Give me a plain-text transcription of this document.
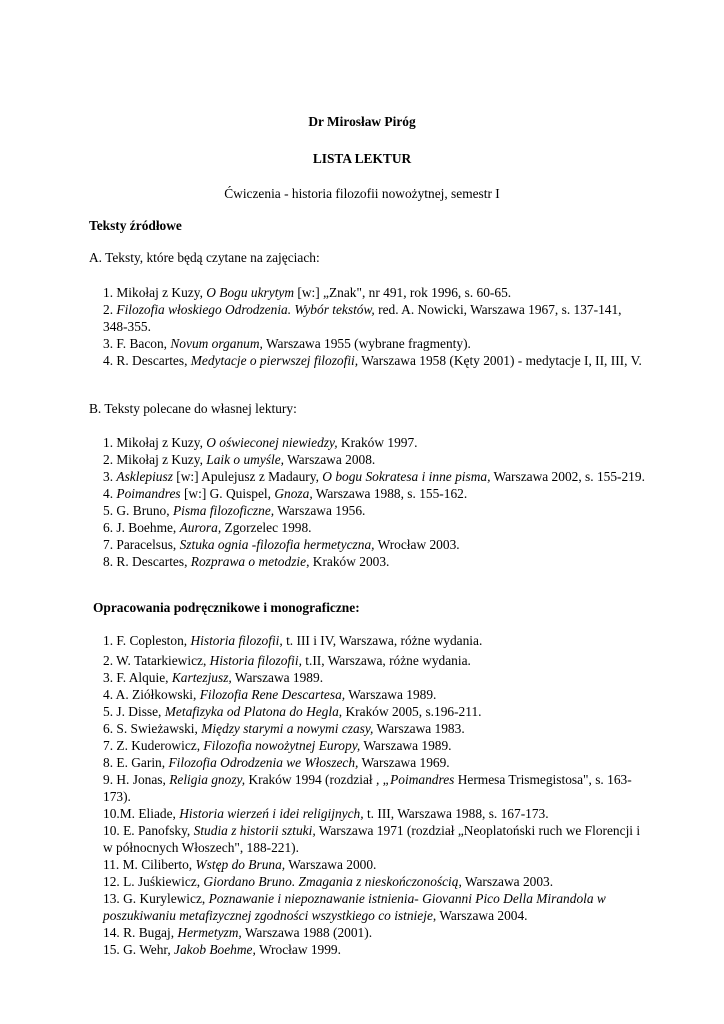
Dr Mirosław Piróg
LISTA LEKTUR
Ćwiczenia - historia filozofii nowożytnej, semestr I
Teksty źródłowe
A. Teksty, które będą czytane na zajęciach:

1. Mikołaj z Kuzy, O Bogu ukrytym [w:] „Znak", nr 491, rok 1996, s. 60-65.

2. Filozofia włoskiego Odrodzenia. Wybór tekstów, red. A. Nowicki, Warszawa 1967, s. 137-141, 348-355.

3. F. Bacon, Novum organum, Warszawa 1955 (wybrane fragmenty).

4. R. Descartes, Medytacje o pierwszej filozofii, Warszawa 1958 (Kęty 2001) - medytacje I, II, III, V.

B. Teksty polecane do własnej lektury:

1. Mikołaj z Kuzy, O oświeconej niewiedzy, Kraków 1997.

2. Mikołaj z Kuzy, Laik o umyśle, Warszawa 2008.

3. Asklepiusz [w:] Apulejusz z Madaury, O bogu Sokratesa i inne pisma, Warszawa 2002, s. 155-219.

4. Poimandres [w:] G. Quispel, Gnoza, Warszawa 1988, s. 155-162.

5. G. Bruno, Pisma filozoficzne, Warszawa 1956.

6. J. Boehme, Aurora, Zgorzelec 1998.

7. Paracelsus, Sztuka ognia -filozofia hermetyczna, Wrocław 2003.

8. R. Descartes, Rozprawa o metodzie, Kraków 2003.

Opracowania podręcznikowe i monograficzne:

1. F. Copleston, Historia filozofii, t. III i IV, Warszawa, różne wydania.

2. W. Tatarkiewicz, Historia filozofii, t.II, Warszawa, różne wydania.

3. F. Alquie, Kartezjusz, Warszawa 1989.

4. A. Ziółkowski, Filozofia Rene Descartesa, Warszawa 1989.

5. J. Disse, Metafizyka od Platona do Hegla, Kraków 2005, s.196-211.

6. S. Swieżawski, Między starymi a nowymi czasy, Warszawa 1983.

7. Z. Kuderowicz, Filozofia nowożytnej Europy, Warszawa 1989.

8. E. Garin, Filozofia Odrodzenia we Włoszech, Warszawa 1969.

9. H. Jonas, Religia gnozy, Kraków 1994 (rozdział , „Poimandres Hermesa Trismegistosa", s. 163-173).

10.M. Eliade, Historia wierzeń i idei religijnych, t. III, Warszawa 1988, s. 167-173.

10. E. Panofsky, Studia z historii sztuki, Warszawa 1971 (rozdział „Neoplatoński ruch we Florencji i w północnych Włoszech", 188-221).

11. M. Ciliberto, Wstęp do Bruna, Warszawa 2000.

12. L. Juśkiewicz, Giordano Bruno. Zmagania z nieskończonością, Warszawa 2003.

13. G. Kurylewicz, Poznawanie i niepoznawanie istnienia- Giovanni Pico Della Mirandola w poszukiwaniu metafizycznej zgodności wszystkiego co istnieje, Warszawa 2004.

14. R. Bugaj, Hermetyzm, Warszawa 1988 (2001).

15. G. Wehr, Jakob Boehme, Wrocław 1999.
